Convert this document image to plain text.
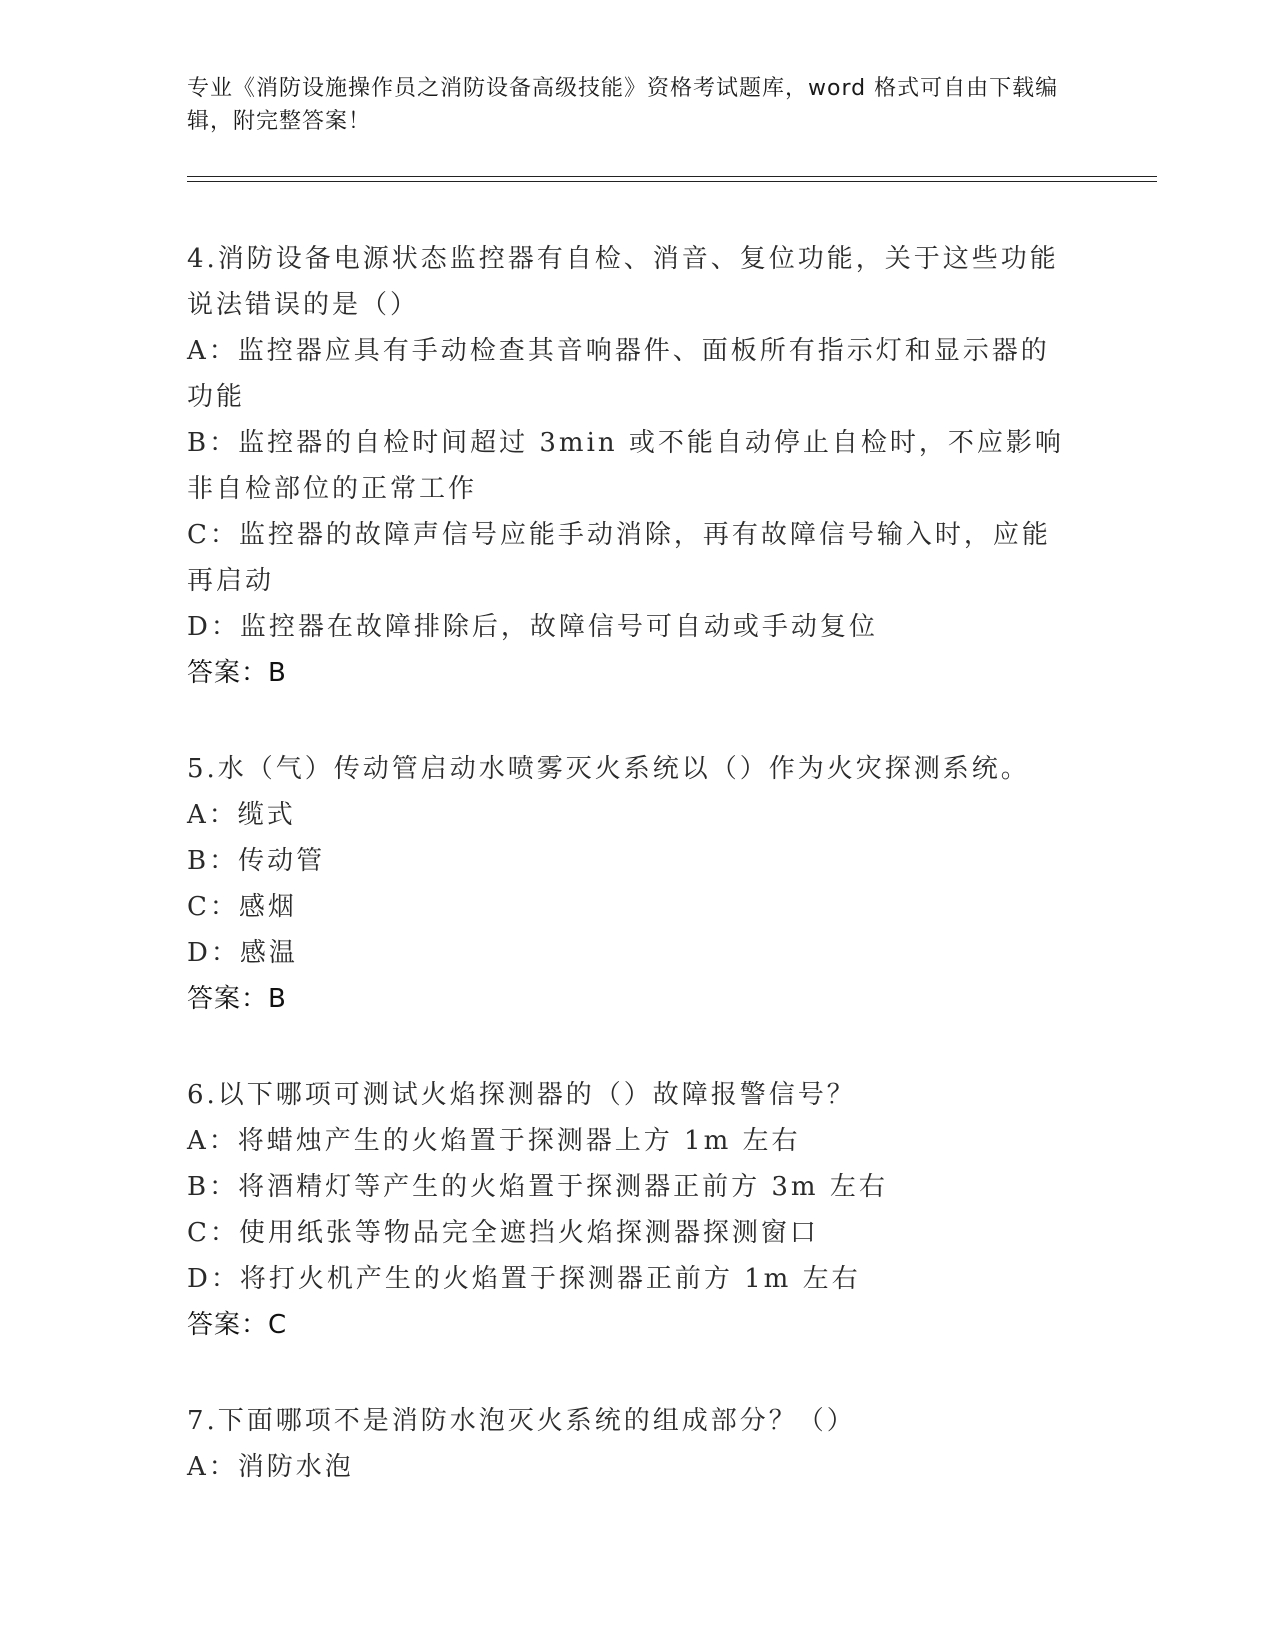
专业《消防设施操作员之消防设备高级技能》资格考试题库，word 格式可自由下载编辑，附完整答案！
4.消防设备电源状态监控器有自检、消音、复位功能，关于这些功能说法错误的是（）
A：监控器应具有手动检查其音响器件、面板所有指示灯和显示器的功能
B：监控器的自检时间超过 3min 或不能自动停止自检时，不应影响非自检部位的正常工作
C：监控器的故障声信号应能手动消除，再有故障信号输入时，应能再启动
D：监控器在故障排除后，故障信号可自动或手动复位
答案：B
5.水（气）传动管启动水喷雾灭火系统以（）作为火灾探测系统。
A：缆式
B：传动管
C：感烟
D：感温
答案：B
6.以下哪项可测试火焰探测器的（）故障报警信号？
A：将蜡烛产生的火焰置于探测器上方 1m 左右
B：将酒精灯等产生的火焰置于探测器正前方 3m 左右
C：使用纸张等物品完全遮挡火焰探测器探测窗口
D：将打火机产生的火焰置于探测器正前方 1m 左右
答案：C
7.下面哪项不是消防水泡灭火系统的组成部分？（）
A：消防水泡
